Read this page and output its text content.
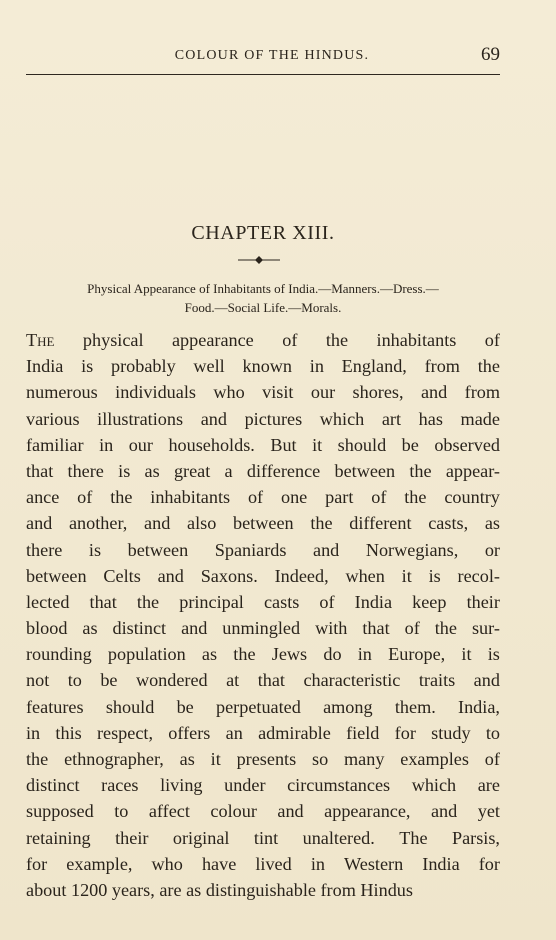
COLOUR OF THE HINDUS.	69
CHAPTER XIII.
Physical Appearance of Inhabitants of India.—Manners.—Dress.—
Food.—Social Life.—Morals.
The physical appearance of the inhabitants of
India is probably well known in England, from the
numerous individuals who visit our shores, and from
various illustrations and pictures which art has made
familiar in our households. But it should be observed
that there is as great a difference between the appear-
ance of the inhabitants of one part of the country
and another, and also between the different casts, as
there is between Spaniards and Norwegians, or
between Celts and Saxons. Indeed, when it is recol-
lected that the principal casts of India keep their
blood as distinct and unmingled with that of the sur-
rounding population as the Jews do in Europe, it is
not to be wondered at that characteristic traits and
features should be perpetuated among them. India,
in this respect, offers an admirable field for study to
the ethnographer, as it presents so many examples of
distinct races living under circumstances which are
supposed to affect colour and appearance, and yet
retaining their original tint unaltered. The Parsis,
for example, who have lived in Western India for
about
1200
years,
are
as
distinguishable
from
Hindus
